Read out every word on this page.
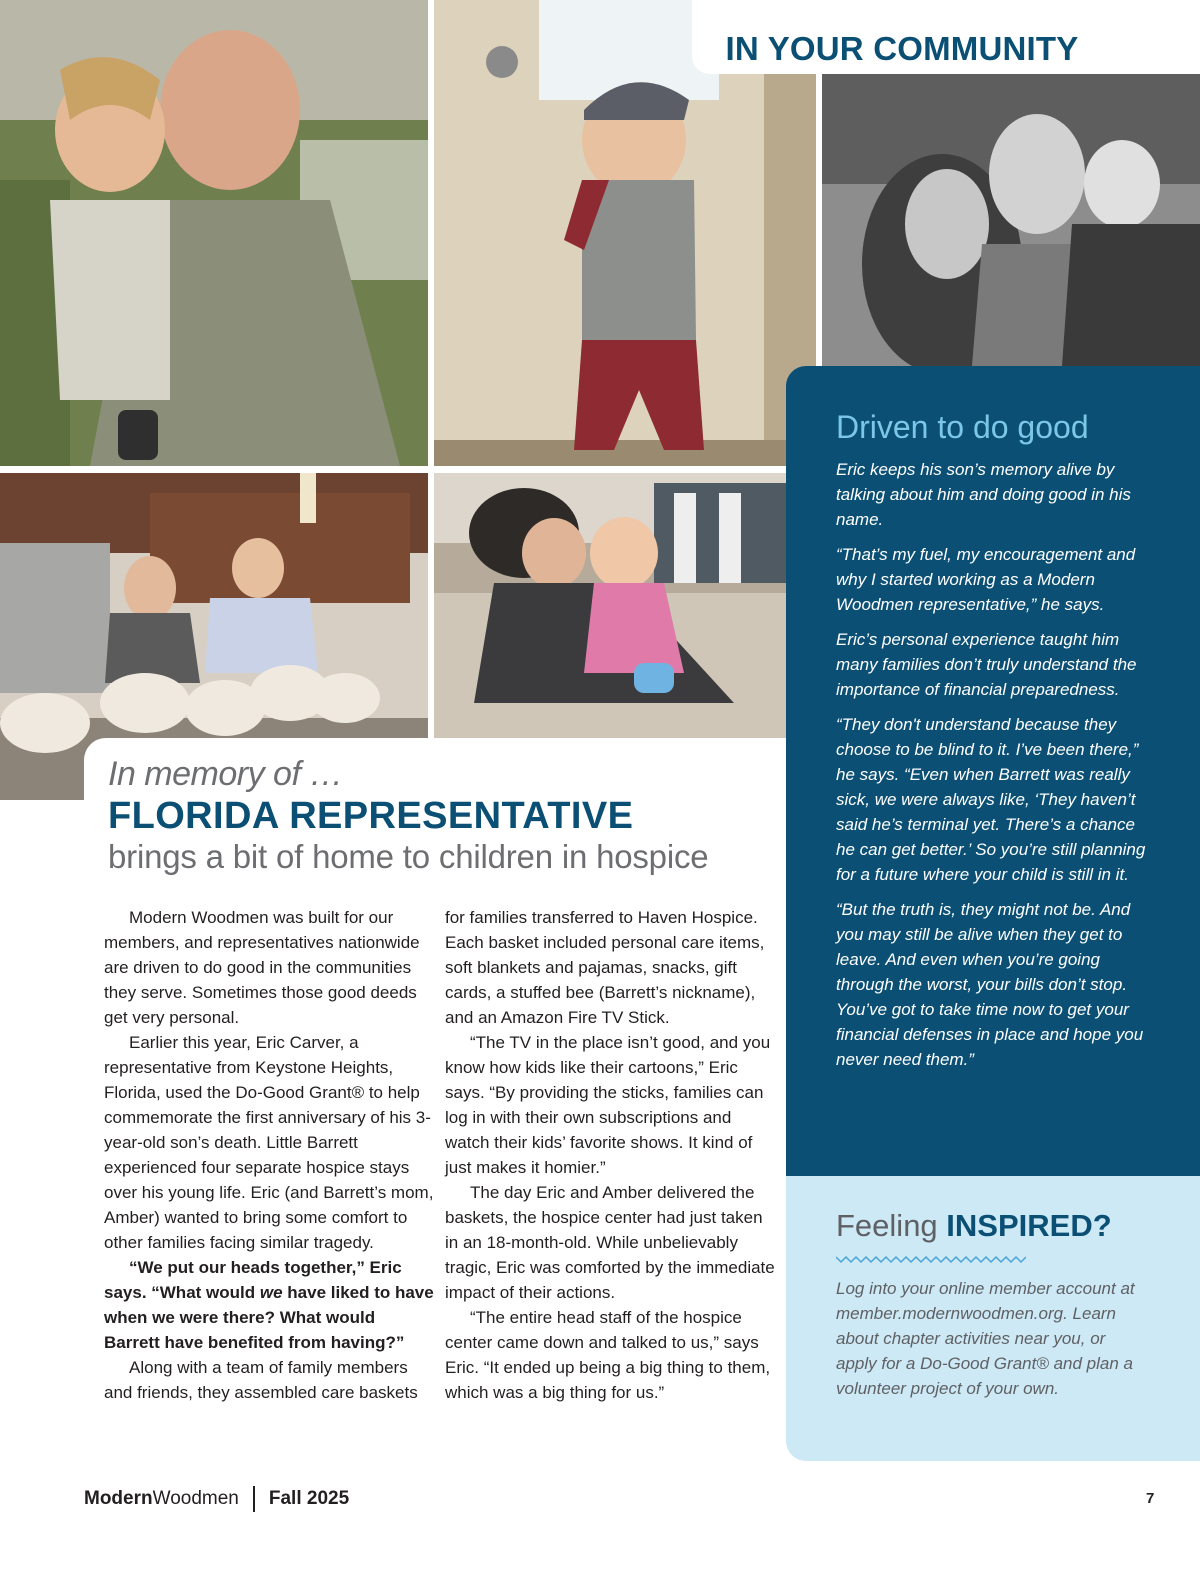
IN YOUR COMMUNITY
In memory of …
FLORIDA REPRESENTATIVE
brings a bit of home to children in hospice

Modern Woodmen was built for our members, and representatives nationwide are driven to do good in the communities they serve. Sometimes those good deeds get very personal.

Earlier this year, Eric Carver, a representative from Keystone Heights, Florida, used the Do-Good Grant® to help commemorate the first anniversary of his 3-year-old son’s death. Little Barrett experienced four separate hospice stays over his young life. Eric (and Barrett’s mom, Amber) wanted to bring some comfort to other families facing similar tragedy.

“We put our heads together,” Eric says. “What would we have liked to have when we were there? What would Barrett have benefited from having?”

Along with a team of family members and friends, they assembled care baskets

for families transferred to Haven Hospice. Each basket included personal care items, soft blankets and pajamas, snacks, gift cards, a stuffed bee (Barrett’s nickname), and an Amazon Fire TV Stick.

“The TV in the place isn’t good, and you know how kids like their cartoons,” Eric says. “By providing the sticks, families can log in with their own subscriptions and watch their kids’ favorite shows. It kind of just makes it homier.”

The day Eric and Amber delivered the baskets, the hospice center had just taken in an 18-month-old. While unbelievably tragic, Eric was comforted by the immediate impact of their actions.

“The entire head staff of the hospice center came down and talked to us,” says Eric. “It ended up being a big thing to them, which was a big thing for us.”

Driven to do good

Eric keeps his son’s memory alive by talking about him and doing good in his name.

“That’s my fuel, my encouragement and why I started working as a Modern Woodmen representative,” he says.

Eric’s personal experience taught him many families don’t truly understand the importance of financial preparedness.

“They don't understand because they choose to be blind to it. I’ve been there,” he says. “Even when Barrett was really sick, we were always like, ‘They haven’t said he’s terminal yet. There’s a chance he can get better.’ So you’re still planning for a future where your child is still in it.

“But the truth is, they might not be. And you may still be alive when they get to leave. And even when you’re going through the worst, your bills don’t stop. You’ve got to take time now to get your financial defenses in place and hope you never need them.”

Feeling INSPIRED?
Log into your online member account at member.modernwoodmen.org. Learn about chapter activities near you, or apply for a Do-Good Grant® and plan a volunteer project of your own.
ModernWoodmen Fall 2025	7
